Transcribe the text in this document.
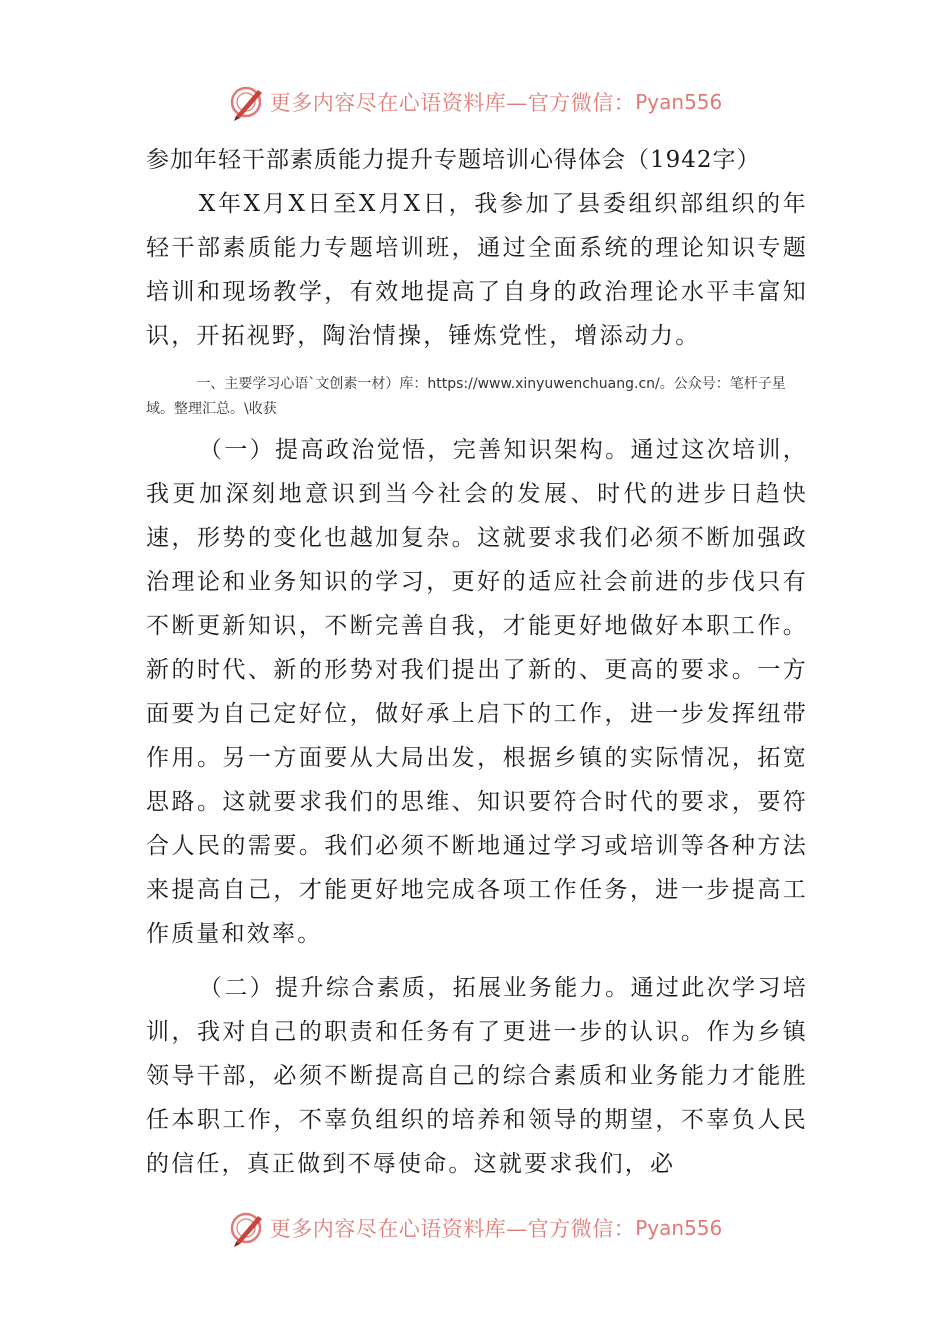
更多内容尽在心语资料库—官方微信： Pyan556
参加年轻干部素质能力提升专题培训心得体会（1942字）

X年X月X日至X月X日，我参加了县委组织部组织的年轻干部素质能力专题培训班，通过全面系统的理论知识专题培训和现场教学，有效地提高了自身的政治理论水平丰富知识，开拓视野，陶治情操，锤炼党性，增添动力。

一、主要学习心语`文创素一材）库：https://www.xinyuwenchuang.cn/。公众号：笔杆子星域。整理汇总。\收获

（一）提高政治觉悟，完善知识架构。通过这次培训，我更加深刻地意识到当今社会的发展、时代的进步日趋快速，形势的变化也越加复杂。这就要求我们必须不断加强政治理论和业务知识的学习，更好的适应社会前进的步伐只有不断更新知识，不断完善自我，才能更好地做好本职工作。新的时代、新的形势对我们提出了新的、更高的要求。一方面要为自己定好位，做好承上启下的工作，进一步发挥纽带作用。另一方面要从大局出发，根据乡镇的实际情况，拓宽思路。这就要求我们的思维、知识要符合时代的要求，要符合人民的需要。我们必须不断地通过学习或培训等各种方法来提高自己，才能更好地完成各项工作任务，进一步提高工作质量和效率。

（二）提升综合素质，拓展业务能力。通过此次学习培训，我对自己的职责和任务有了更进一步的认识。作为乡镇领导干部，必须不断提高自己的综合素质和业务能力才能胜任本职工作，不辜负组织的培养和领导的期望，不辜负人民的信任，真正做到不辱使命。这就要求我们，必

更多内容尽在心语资料库—官方微信： Pyan556
